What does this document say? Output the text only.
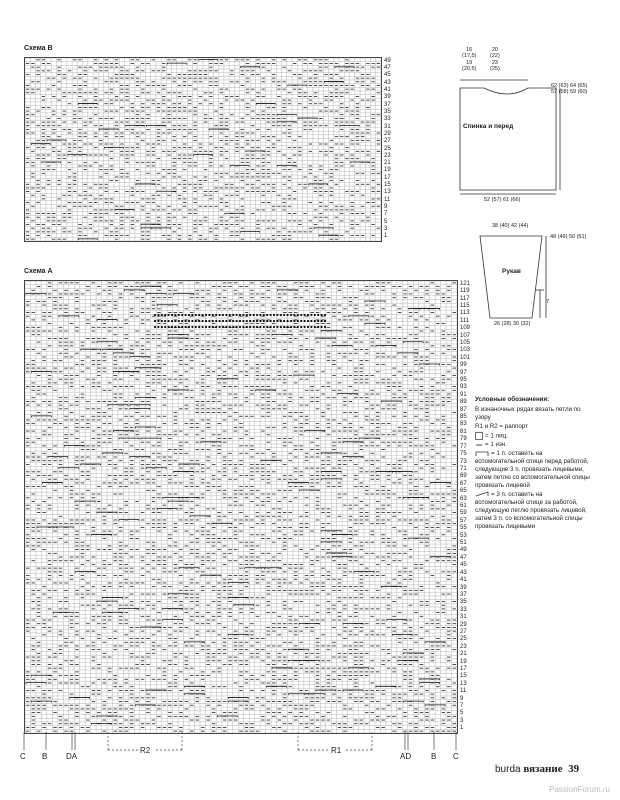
Схема В
49
47
45
43
41
39
37
35
33
31
29
27
25
23
21
19
17
15
13
11
9
7
5
3
1
Схема А
121
119
117
115
113
111
109
107
105
103
101
99
97
95
93
91
89
87
85
83
81
79
77
75
73
71
69
67
65
63
61
59
57
55
53
51
49
47
45
43
41
39
37
35
33
31
29
27
25
23
21
19
17
15
13
11
9
7
5
3
1
C B DA
R2	R1
AD B C
16
(17,5)
19
(20,5)
20
(22)
23
(25)
62 (63) 64 (65)
57 (58) 59 (60)
Спинка и перед
52 (57) 61 (66)
38 (40) 42 (44)
48 (49) 50 (51)
Рукав
7
26 (28) 30 (32)
Условные обозначения:

В изнаночных рядах вязать петли по узору

R1 и R2 = раппорт

= 1 лиц.

= 1 изн.

= 1 п. оставить на вспомогательной спице перед работой, следующие 3 п. провязать лицевыми, затем петлю со вспомогательной спицы провязать лицевой

= 3 п. оставить на вспомогательной спице за работой, следующую петлю провязать лицевой, затем 3 п. со вспомогательной спицы провязать лицевыми

burda вязание 39
PassionForum.ru
